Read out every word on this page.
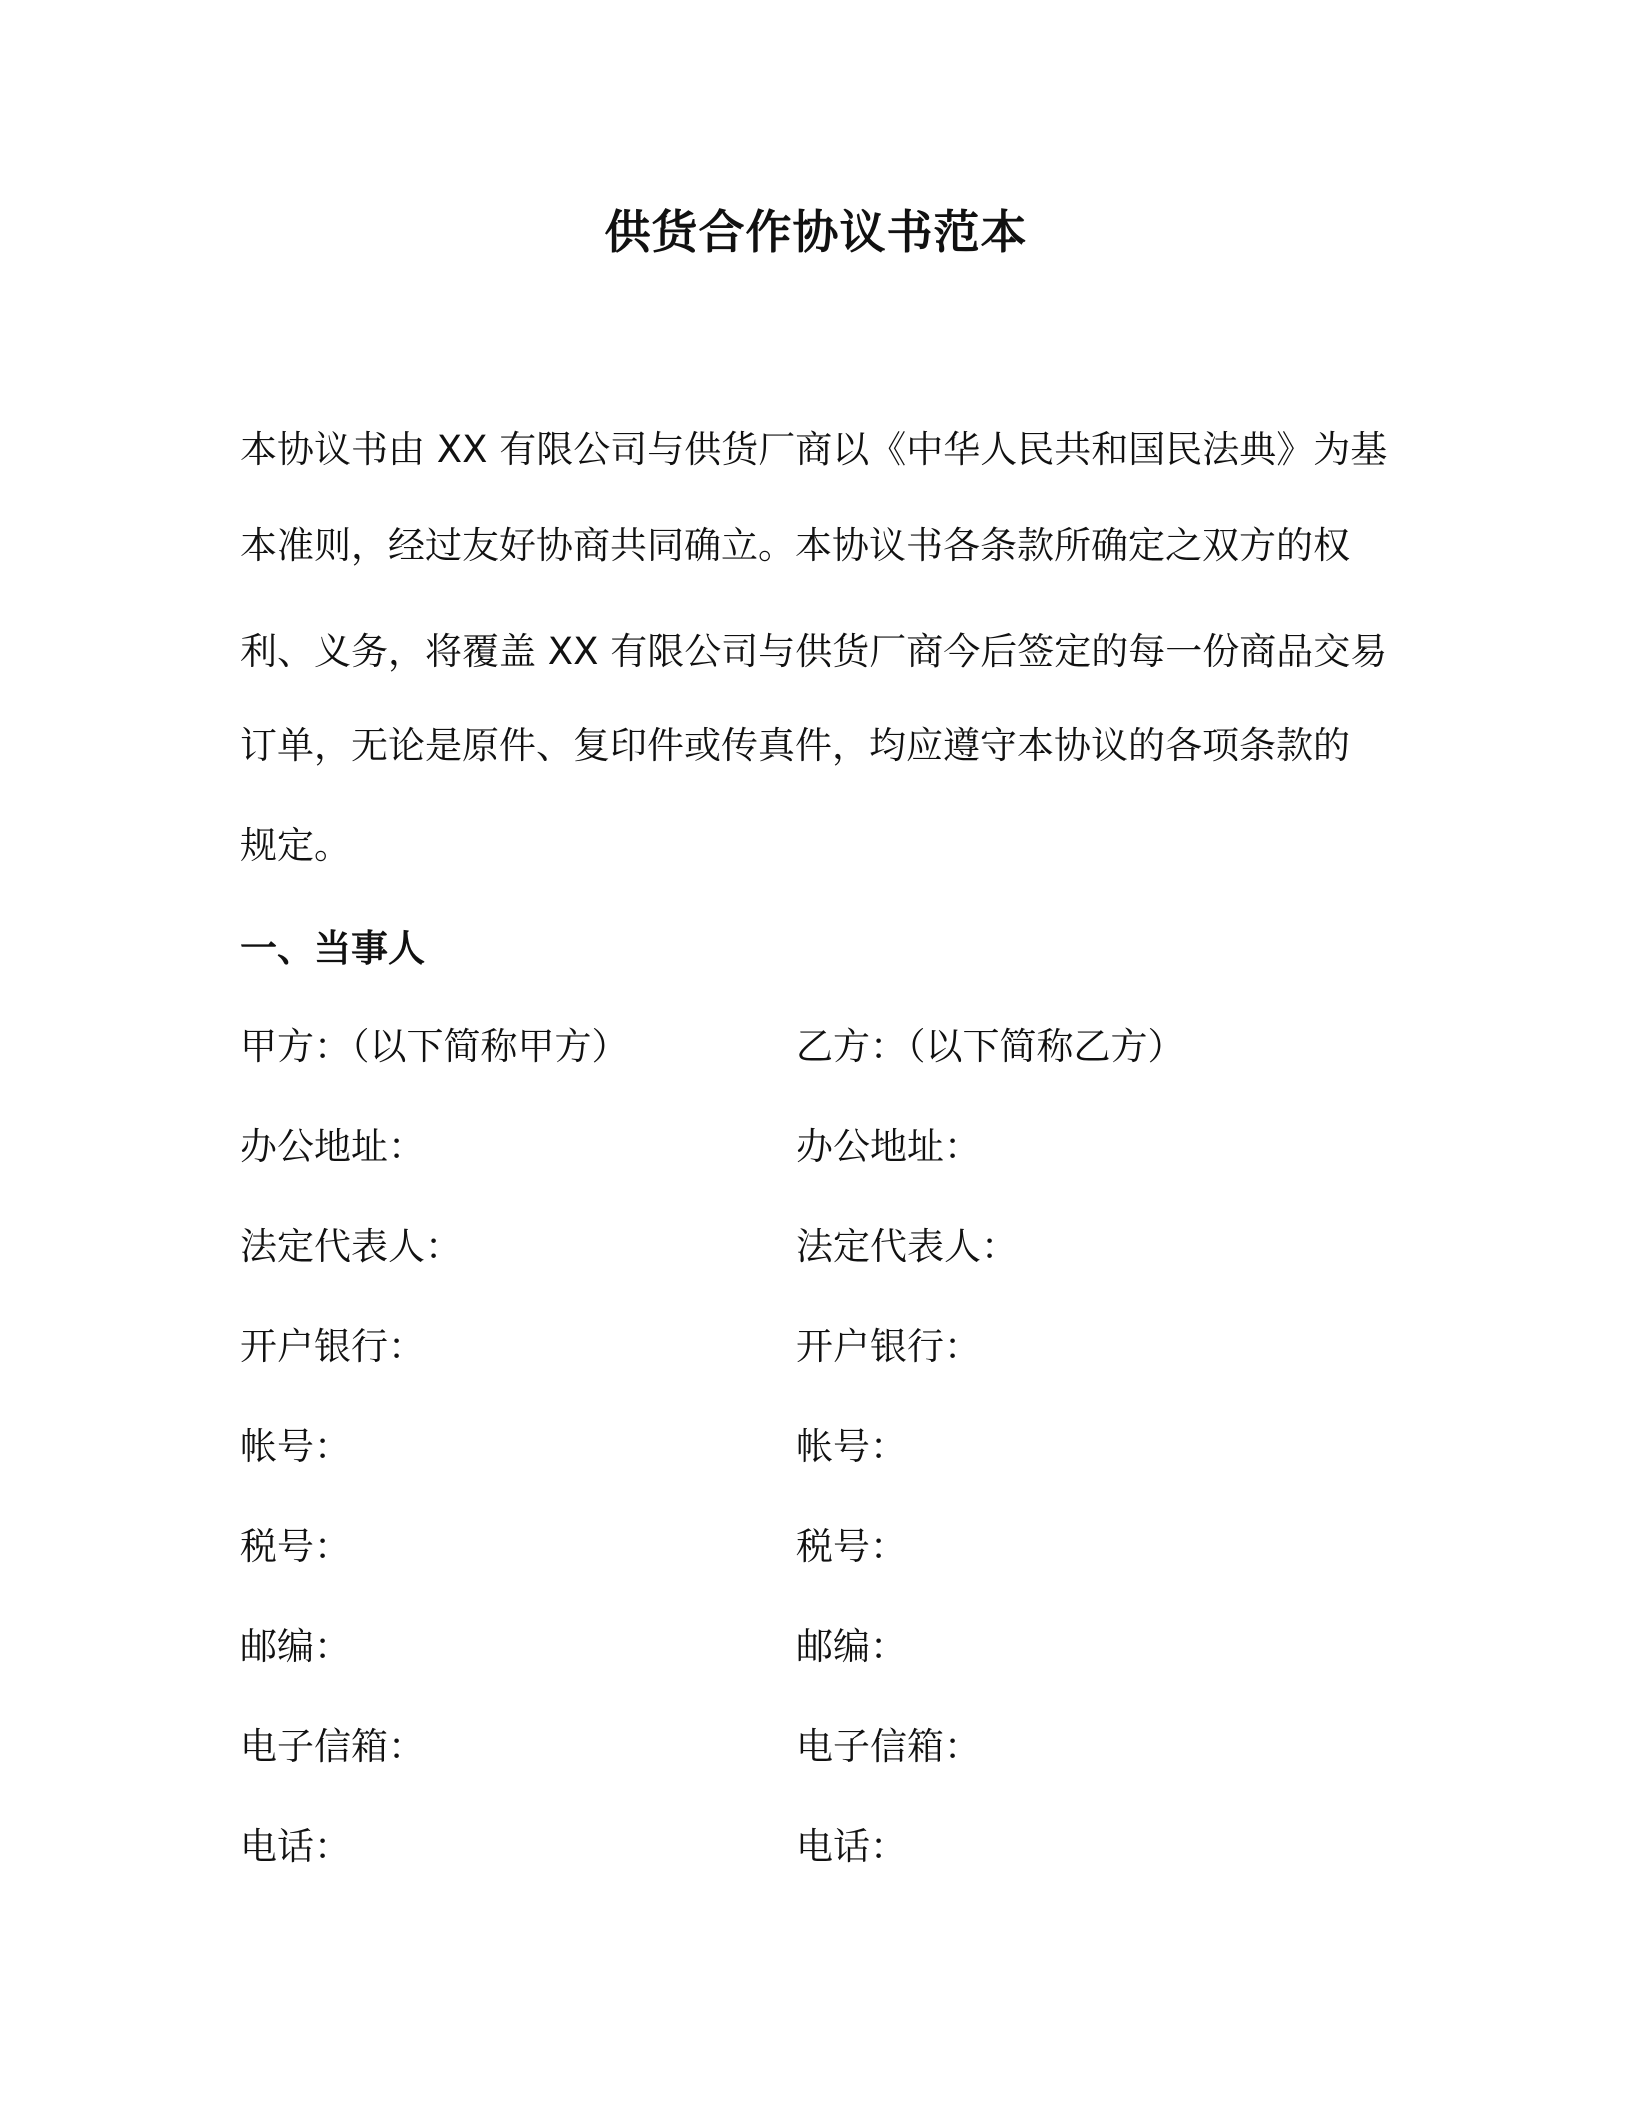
供货合作协议书范本
本协议书由 XX 有限公司与供货厂商以《中华人民共和国民法典》为基
本准则，经过友好协商共同确立。本协议书各条款所确定之双方的权
利、义务，将覆盖 XX 有限公司与供货厂商今后签定的每一份商品交易
订单，无论是原件、复印件或传真件，均应遵守本协议的各项条款的
规定。
一、当事人
甲方：（以下简称甲方）	乙方：（以下简称乙方）
办公地址：	办公地址：
法定代表人：	法定代表人：
开户银行：	开户银行：
帐号：	帐号：
税号：	税号：
邮编：	邮编：
电子信箱：	电子信箱：
电话：	电话：
